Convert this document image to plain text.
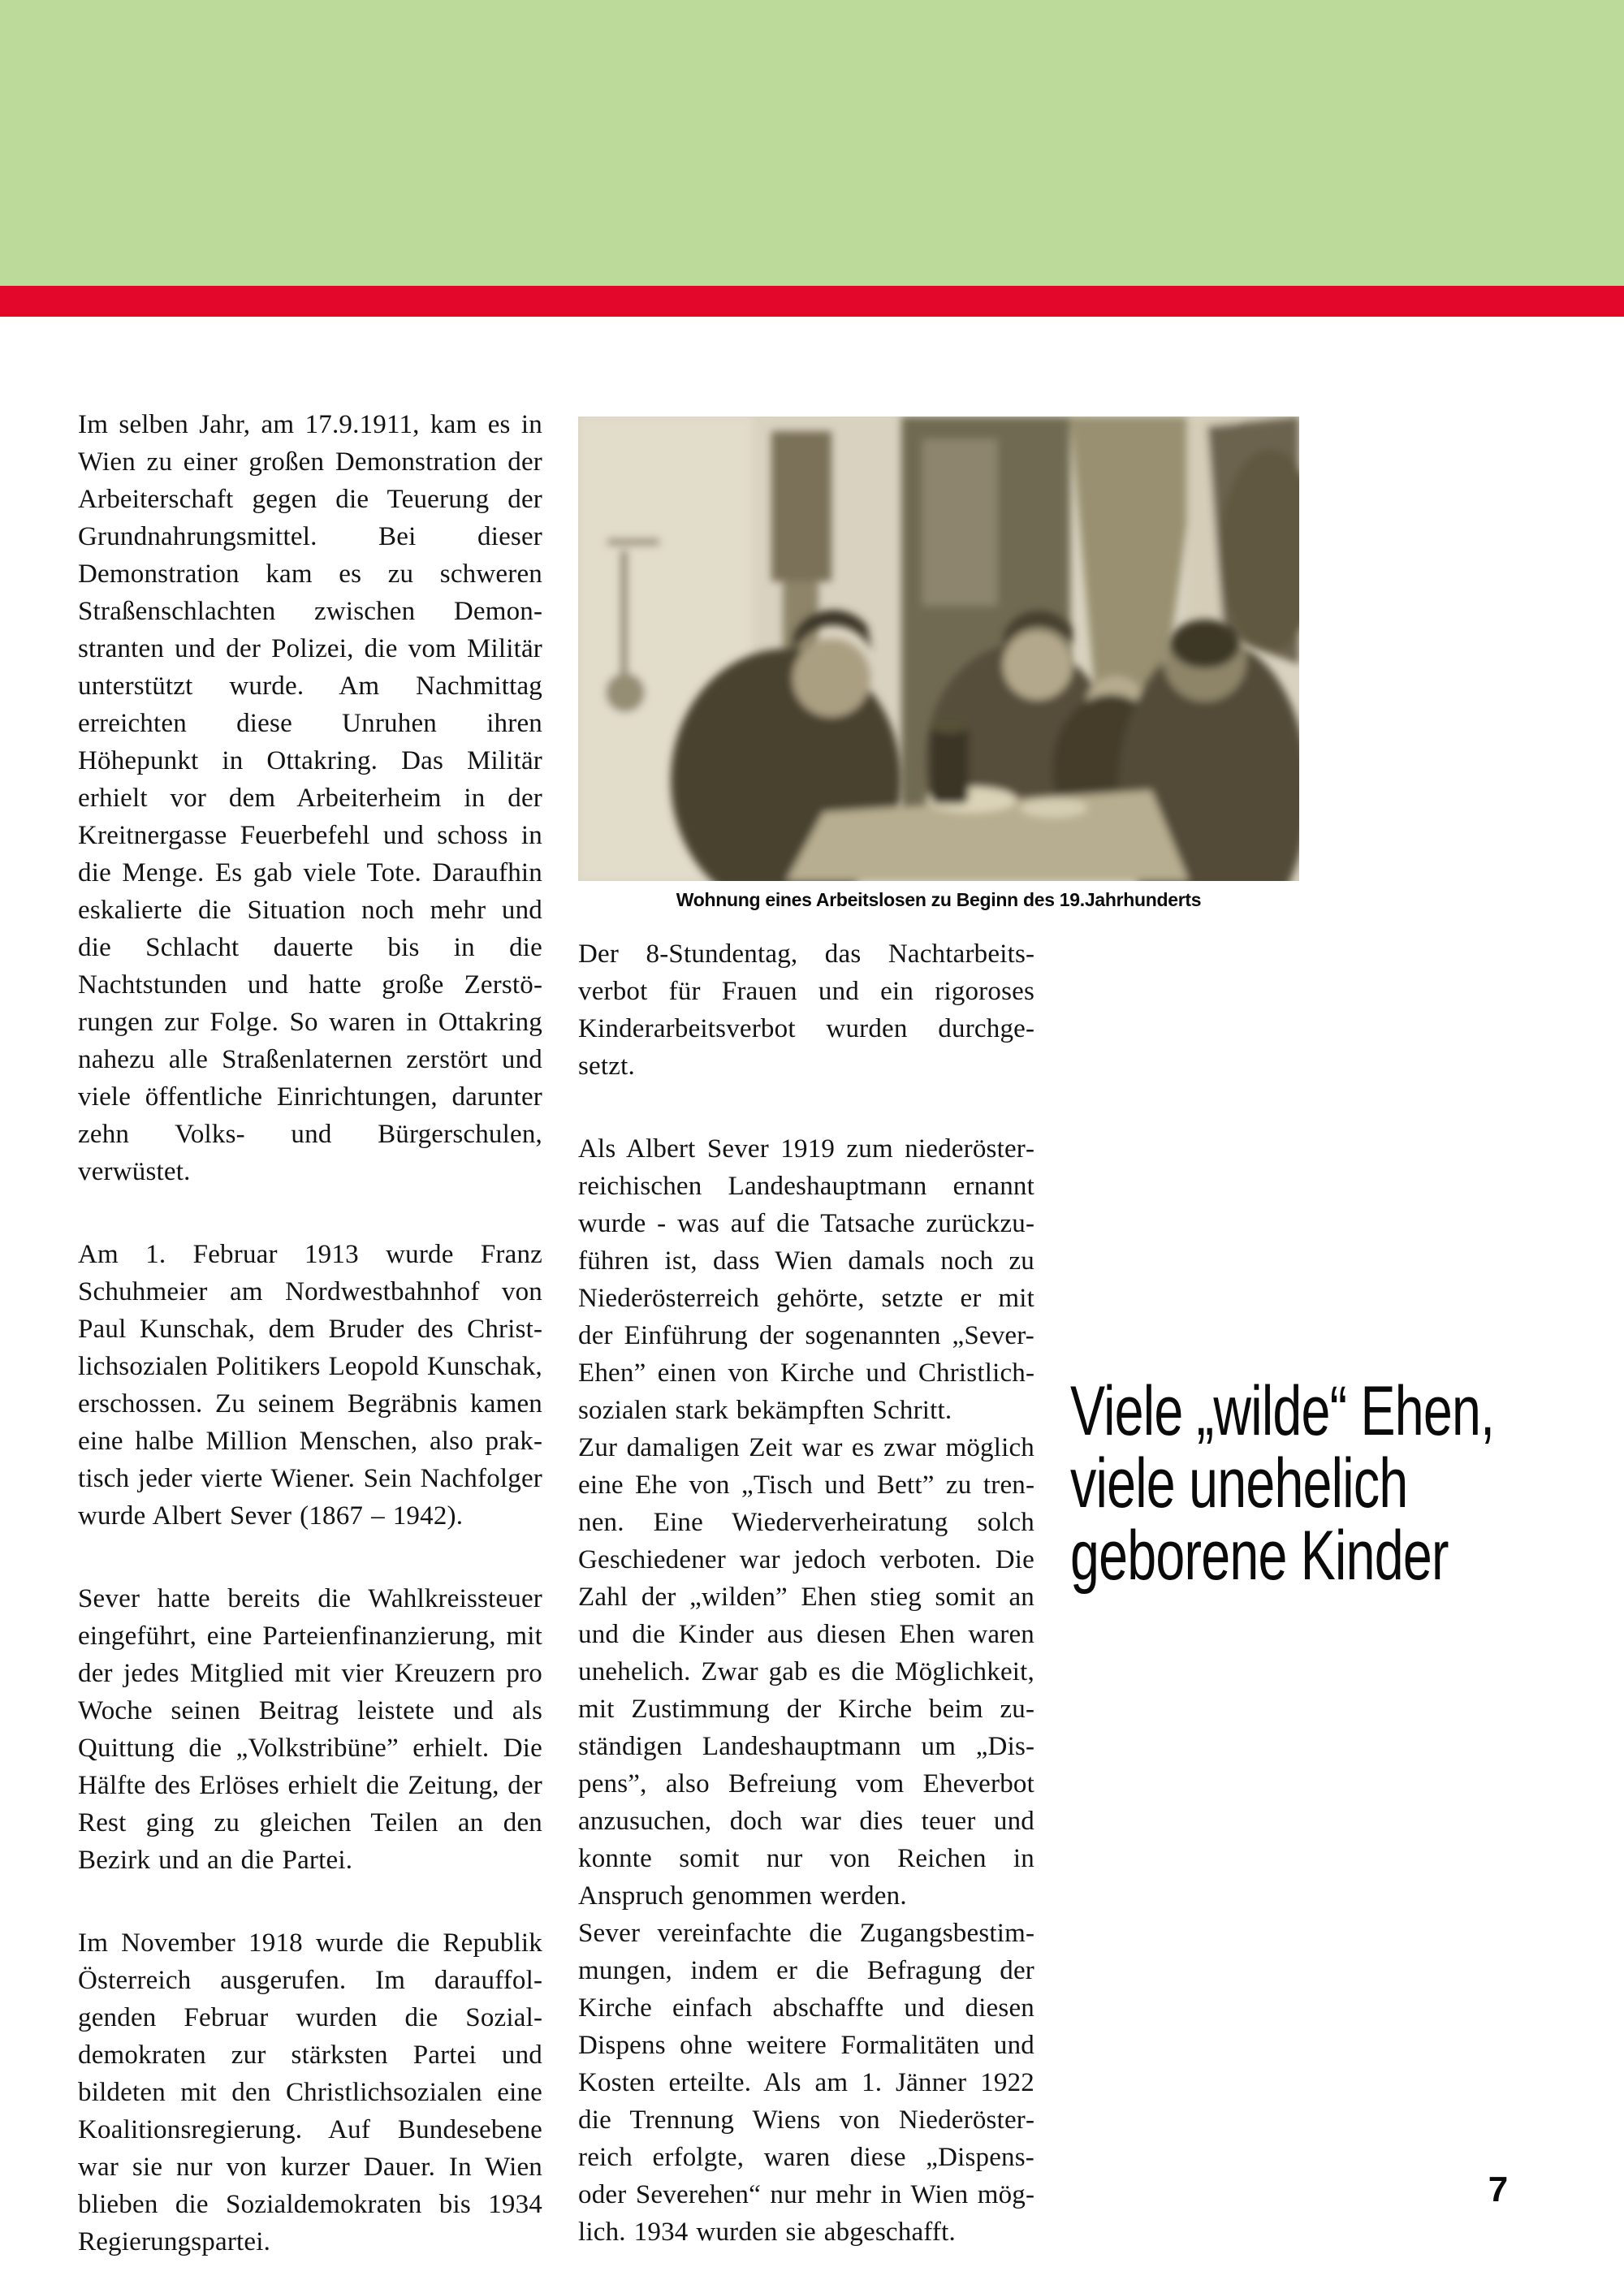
Im selben Jahr, am 17.9.1911, kam es in Wien zu einer großen Demonstration der Arbeiterschaft gegen die Teuerung der Grundnahrungsmittel. Bei dieser Demonstration kam es zu schweren Straßenschlachten zwischen Demonstranten und der Polizei, die vom Militär unterstützt wurde. Am Nachmittag erreichten diese Unruhen ihren Höhepunkt in Ottakring. Das Militär erhielt vor dem Arbeiterheim in der Kreitnergasse Feuerbefehl und schoss in die Menge. Es gab viele Tote. Daraufhin eskalierte die Situation noch mehr und die Schlacht dauerte bis in die Nachtstunden und hatte große Zerstörungen zur Folge. So waren in Ottakring nahezu alle Straßenlaternen zerstört und viele öffentliche Einrichtungen, darunter zehn Volks- und Bürgerschulen, verwüstet.

Am 1. Februar 1913 wurde Franz Schuhmeier am Nordwestbahnhof von Paul Kunschak, dem Bruder des Christlichsozialen Politikers Leopold Kunschak, erschossen. Zu seinem Begräbnis kamen eine halbe Million Menschen, also praktisch jeder vierte Wiener. Sein Nachfolger wurde Albert Sever (1867 – 1942).

Sever hatte bereits die Wahlkreissteuer eingeführt, eine Parteienfinanzierung, mit der jedes Mitglied mit vier Kreuzern pro Woche seinen Beitrag leistete und als Quittung die „Volkstribüne” erhielt. Die Hälfte des Erlöses erhielt die Zeitung, der Rest ging zu gleichen Teilen an den Bezirk und an die Partei.

Im November 1918 wurde die Republik Österreich ausgerufen. Im darauffolgenden Februar wurden die Sozialdemokraten zur stärksten Partei und bildeten mit den Christlichsozialen eine Koalitionsregierung. Auf Bundesebene war sie nur von kurzer Dauer. In Wien blieben die Sozialdemokraten bis 1934 Regierungspartei.

Wohnung eines Arbeitslosen zu Beginn des 19.Jahrhunderts

Der 8-Stundentag, das Nachtarbeitsverbot für Frauen und ein rigoroses Kinderarbeitsverbot wurden durchgesetzt.

Als Albert Sever 1919 zum niederösterreichischen Landeshauptmann ernannt wurde - was auf die Tatsache zurückzuführen ist, dass Wien damals noch zu Niederösterreich gehörte, setzte er mit der Einführung der sogenannten „Sever-Ehen” einen von Kirche und Christlichsozialen stark bekämpften Schritt.

Zur damaligen Zeit war es zwar möglich eine Ehe von „Tisch und Bett” zu trennen. Eine Wiederverheiratung solch Geschiedener war jedoch verboten. Die Zahl der „wilden” Ehen stieg somit an und die Kinder aus diesen Ehen waren unehelich. Zwar gab es die Möglichkeit, mit Zustimmung der Kirche beim zuständigen Landeshauptmann um „Dispens”, also Befreiung vom Eheverbot anzusuchen, doch war dies teuer und konnte somit nur von Reichen in Anspruch genommen werden.

Sever vereinfachte die Zugangsbestimmungen, indem er die Befragung der Kirche einfach abschaffte und diesen Dispens ohne weitere Formalitäten und Kosten erteilte. Als am 1. Jänner 1922 die Trennung Wiens von Niederösterreich erfolgte, waren diese „Dispens- oder Severehen“ nur mehr in Wien möglich. 1934 wurden sie abgeschafft.

Viele „wilde“ Ehen,
viele unehelich
geborene Kinder
7
